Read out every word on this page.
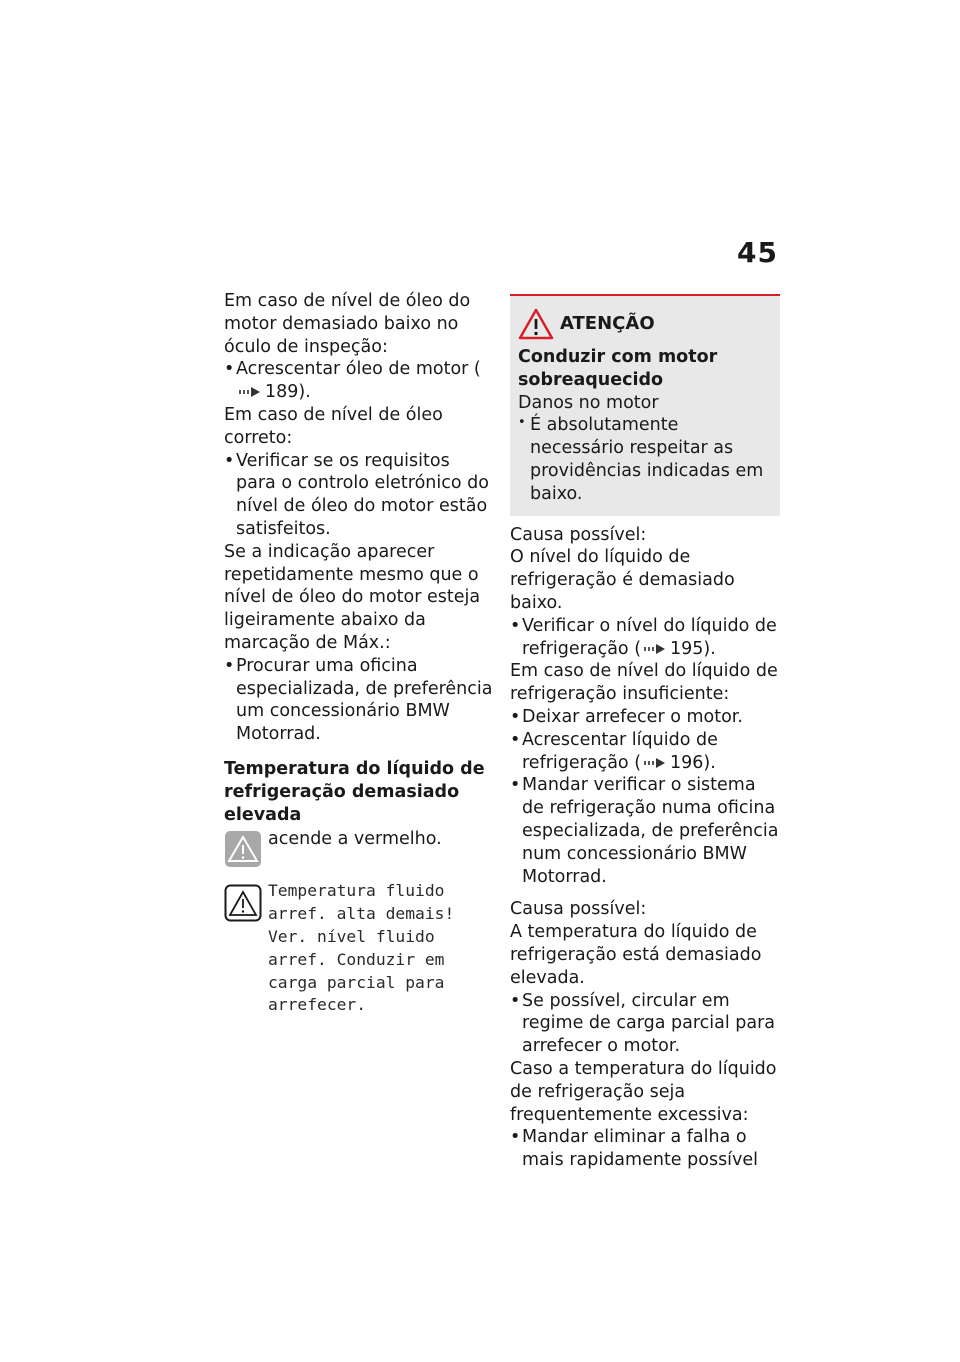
45

Em caso de nível de óleo do motor demasiado baixo no óculo de inspeção:

• Acrescentar óleo de motor (189).

Em caso de nível de óleo correto:

• Verificar se os requisitos para o controlo eletrónico do nível de óleo do motor estão satisfeitos.

Se a indicação aparecer repetidamente mesmo que o nível de óleo do motor esteja ligeiramente abaixo da marcação de Máx.:

• Procurar uma oficina especializada, de preferência um concessionário BMW Motorrad.
Temperatura do líquido de refrigeração demasiado elevada
acende a vermelho.
Temperatura fluido
arref. alta demais! Ver. nível fluido arref. Conduzir em carga parcial para arrefecer.
ATENÇÃO
Conduzir com motor sobreaquecido
Danos no motor
• É absolutamente necessário respeitar as providências indicadas em baixo.

Causa possível:

O nível do líquido de refrigeração é demasiado baixo.

• Verificar o nível do líquido de refrigeração ( 195).

Em caso de nível do líquido de refrigeração insuficiente:

• Deixar arrefecer o motor.
• Acrescentar líquido de refrigeração ( 196).
• Mandar verificar o sistema de refrigeração numa oficina especializada, de preferência num concessionário BMW Motorrad.

Causa possível:

A temperatura do líquido de refrigeração está demasiado elevada.

• Se possível, circular em regime de carga parcial para arrefecer o motor.

Caso a temperatura do líquido de refrigeração seja frequentemente excessiva:

• Mandar eliminar a falha o mais rapidamente possível
